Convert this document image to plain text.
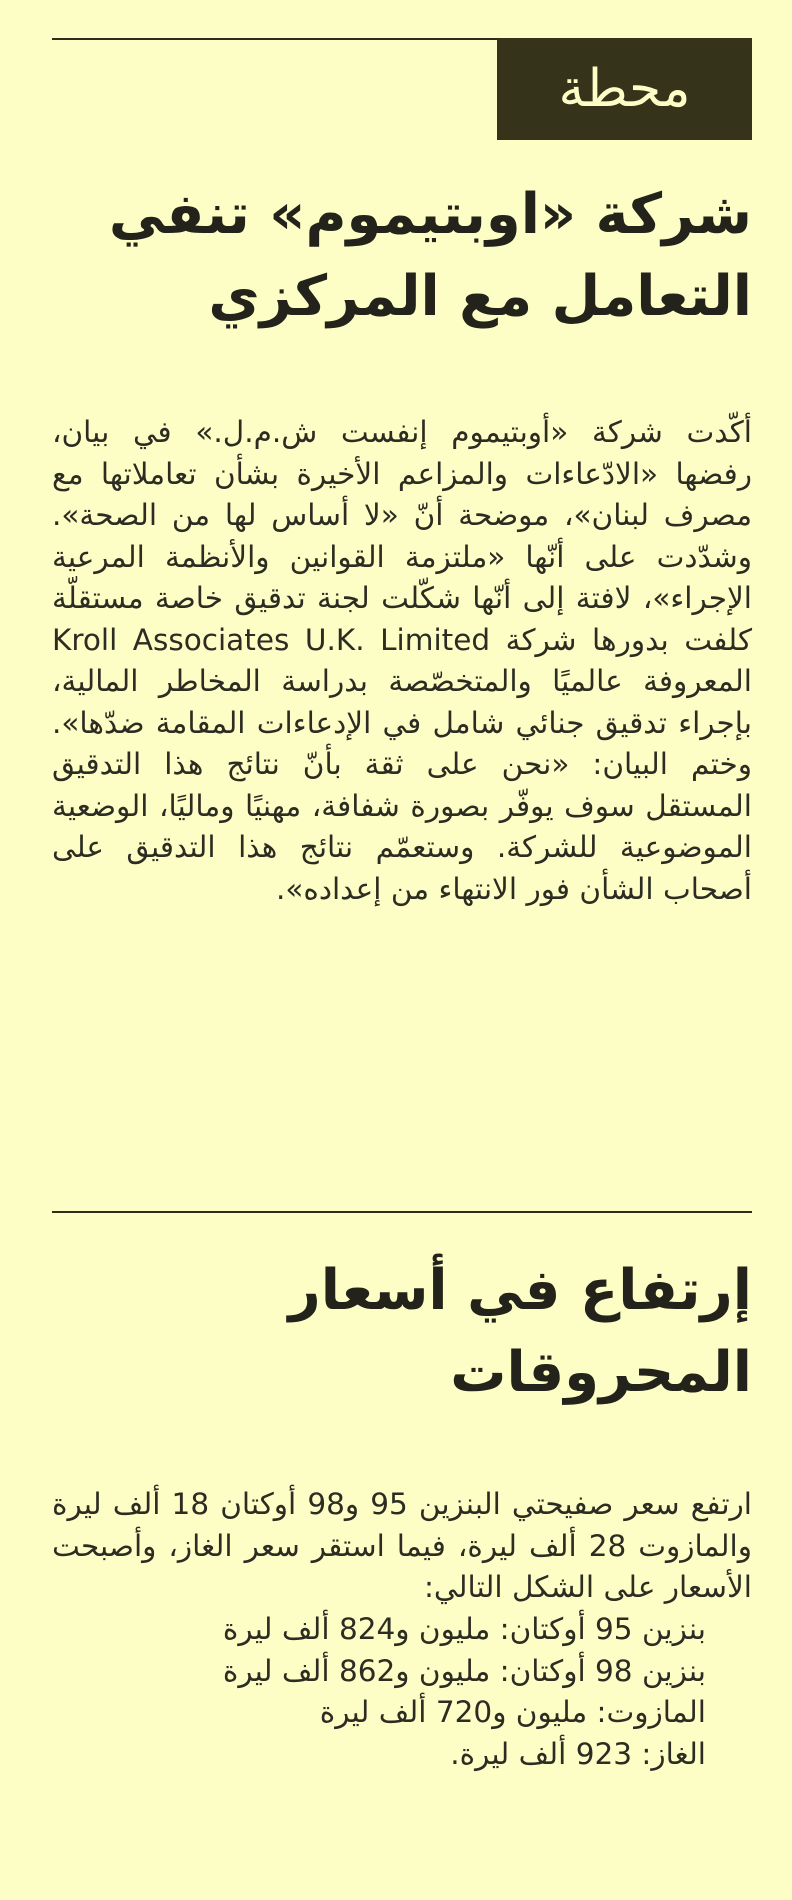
محطة
شركة «اوبتيموم» تنفي
التعامل مع المركزي

أكّدت شركة «أوبتيموم إنفست ش.م.ل.» في بيان، رفضها «الادّعاءات والمزاعم الأخيرة بشأن تعاملاتها مع مصرف لبنان»، موضحة أنّ «لا أساس لها من الصحة». وشدّدت على أنّها «ملتزمة القوانين والأنظمة المرعية الإجراء»، لافتة إلى أنّها شكّلت لجنة تدقيق خاصة مستقلّة كلفت بدورها شركة Kroll Associates U.K. Limited المعروفة عالميًا والمتخصّصة بدراسة المخاطر المالية، بإجراء تدقيق جنائي شامل في الإدعاءات المقامة ضدّها». وختم البيان: «نحن على ثقة بأنّ نتائج هذا التدقيق المستقل سوف يوفّر بصورة شفافة، مهنيًا وماليًا، الوضعية الموضوعية للشركة. وستعمّم نتائج هذا التدقيق على أصحاب الشأن فور الانتهاء من إعداده».

إرتفاع في أسعار
المحروقات

ارتفع سعر صفيحتي البنزين 95 و98 أوكتان 18 ألف ليرة والمازوت 28 ألف ليرة، فيما استقر سعر الغاز، وأصبحت الأسعار على الشكل التالي:

بنزين 95 أوكتان: مليون و824 ألف ليرة
بنزين 98 أوكتان: مليون و862 ألف ليرة
المازوت: مليون و720 ألف ليرة
الغاز: 923 ألف ليرة.
